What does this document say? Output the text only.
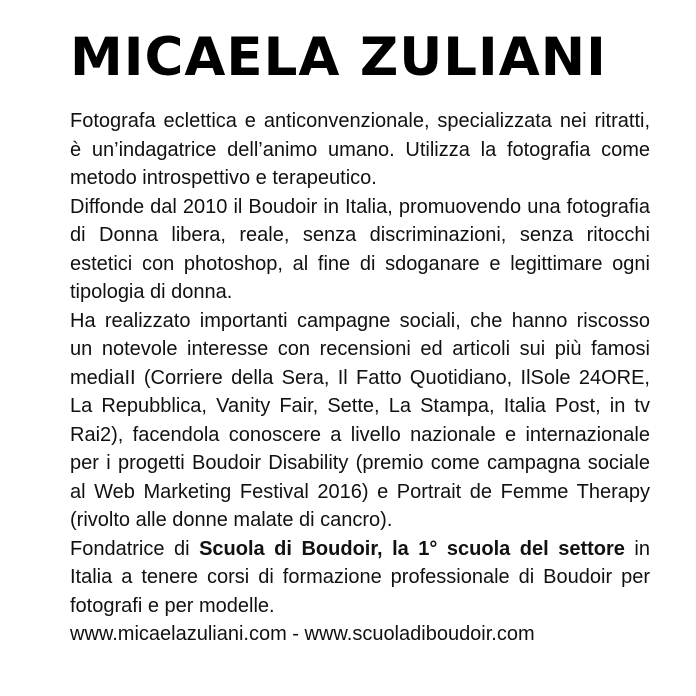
MICAELA ZULIANI

Fotografa eclettica e anticonvenzionale, specializzata nei ritratti, è un’indagatrice dell’animo umano. Utilizza la fotografia come metodo introspettivo e terapeutico.

Diffonde dal 2010 il Boudoir in Italia, promuovendo una fotografia di Donna libera, reale, senza discriminazioni, senza ritocchi estetici con photoshop, al fine di sdoganare e legittimare ogni tipologia di donna.

Ha realizzato importanti campagne sociali, che hanno riscosso un notevole interesse con recensioni ed articoli sui più famosi mediaII (Corriere della Sera, Il Fatto Quotidiano, IlSole 24ORE, La Repubblica, Vanity Fair, Sette, La Stampa, Italia Post, in tv Rai2), facendola conoscere a livello nazionale e internazionale per i progetti Boudoir Disability (premio come campagna sociale al Web Marketing Festival 2016) e Portrait de Femme Therapy (rivolto alle donne malate di cancro).

Fondatrice di Scuola di Boudoir, la 1° scuola del settore in Italia a tenere corsi di formazione professionale di Boudoir per fotografi e per modelle.

www.micaelazuliani.com - www.scuoladiboudoir.com
